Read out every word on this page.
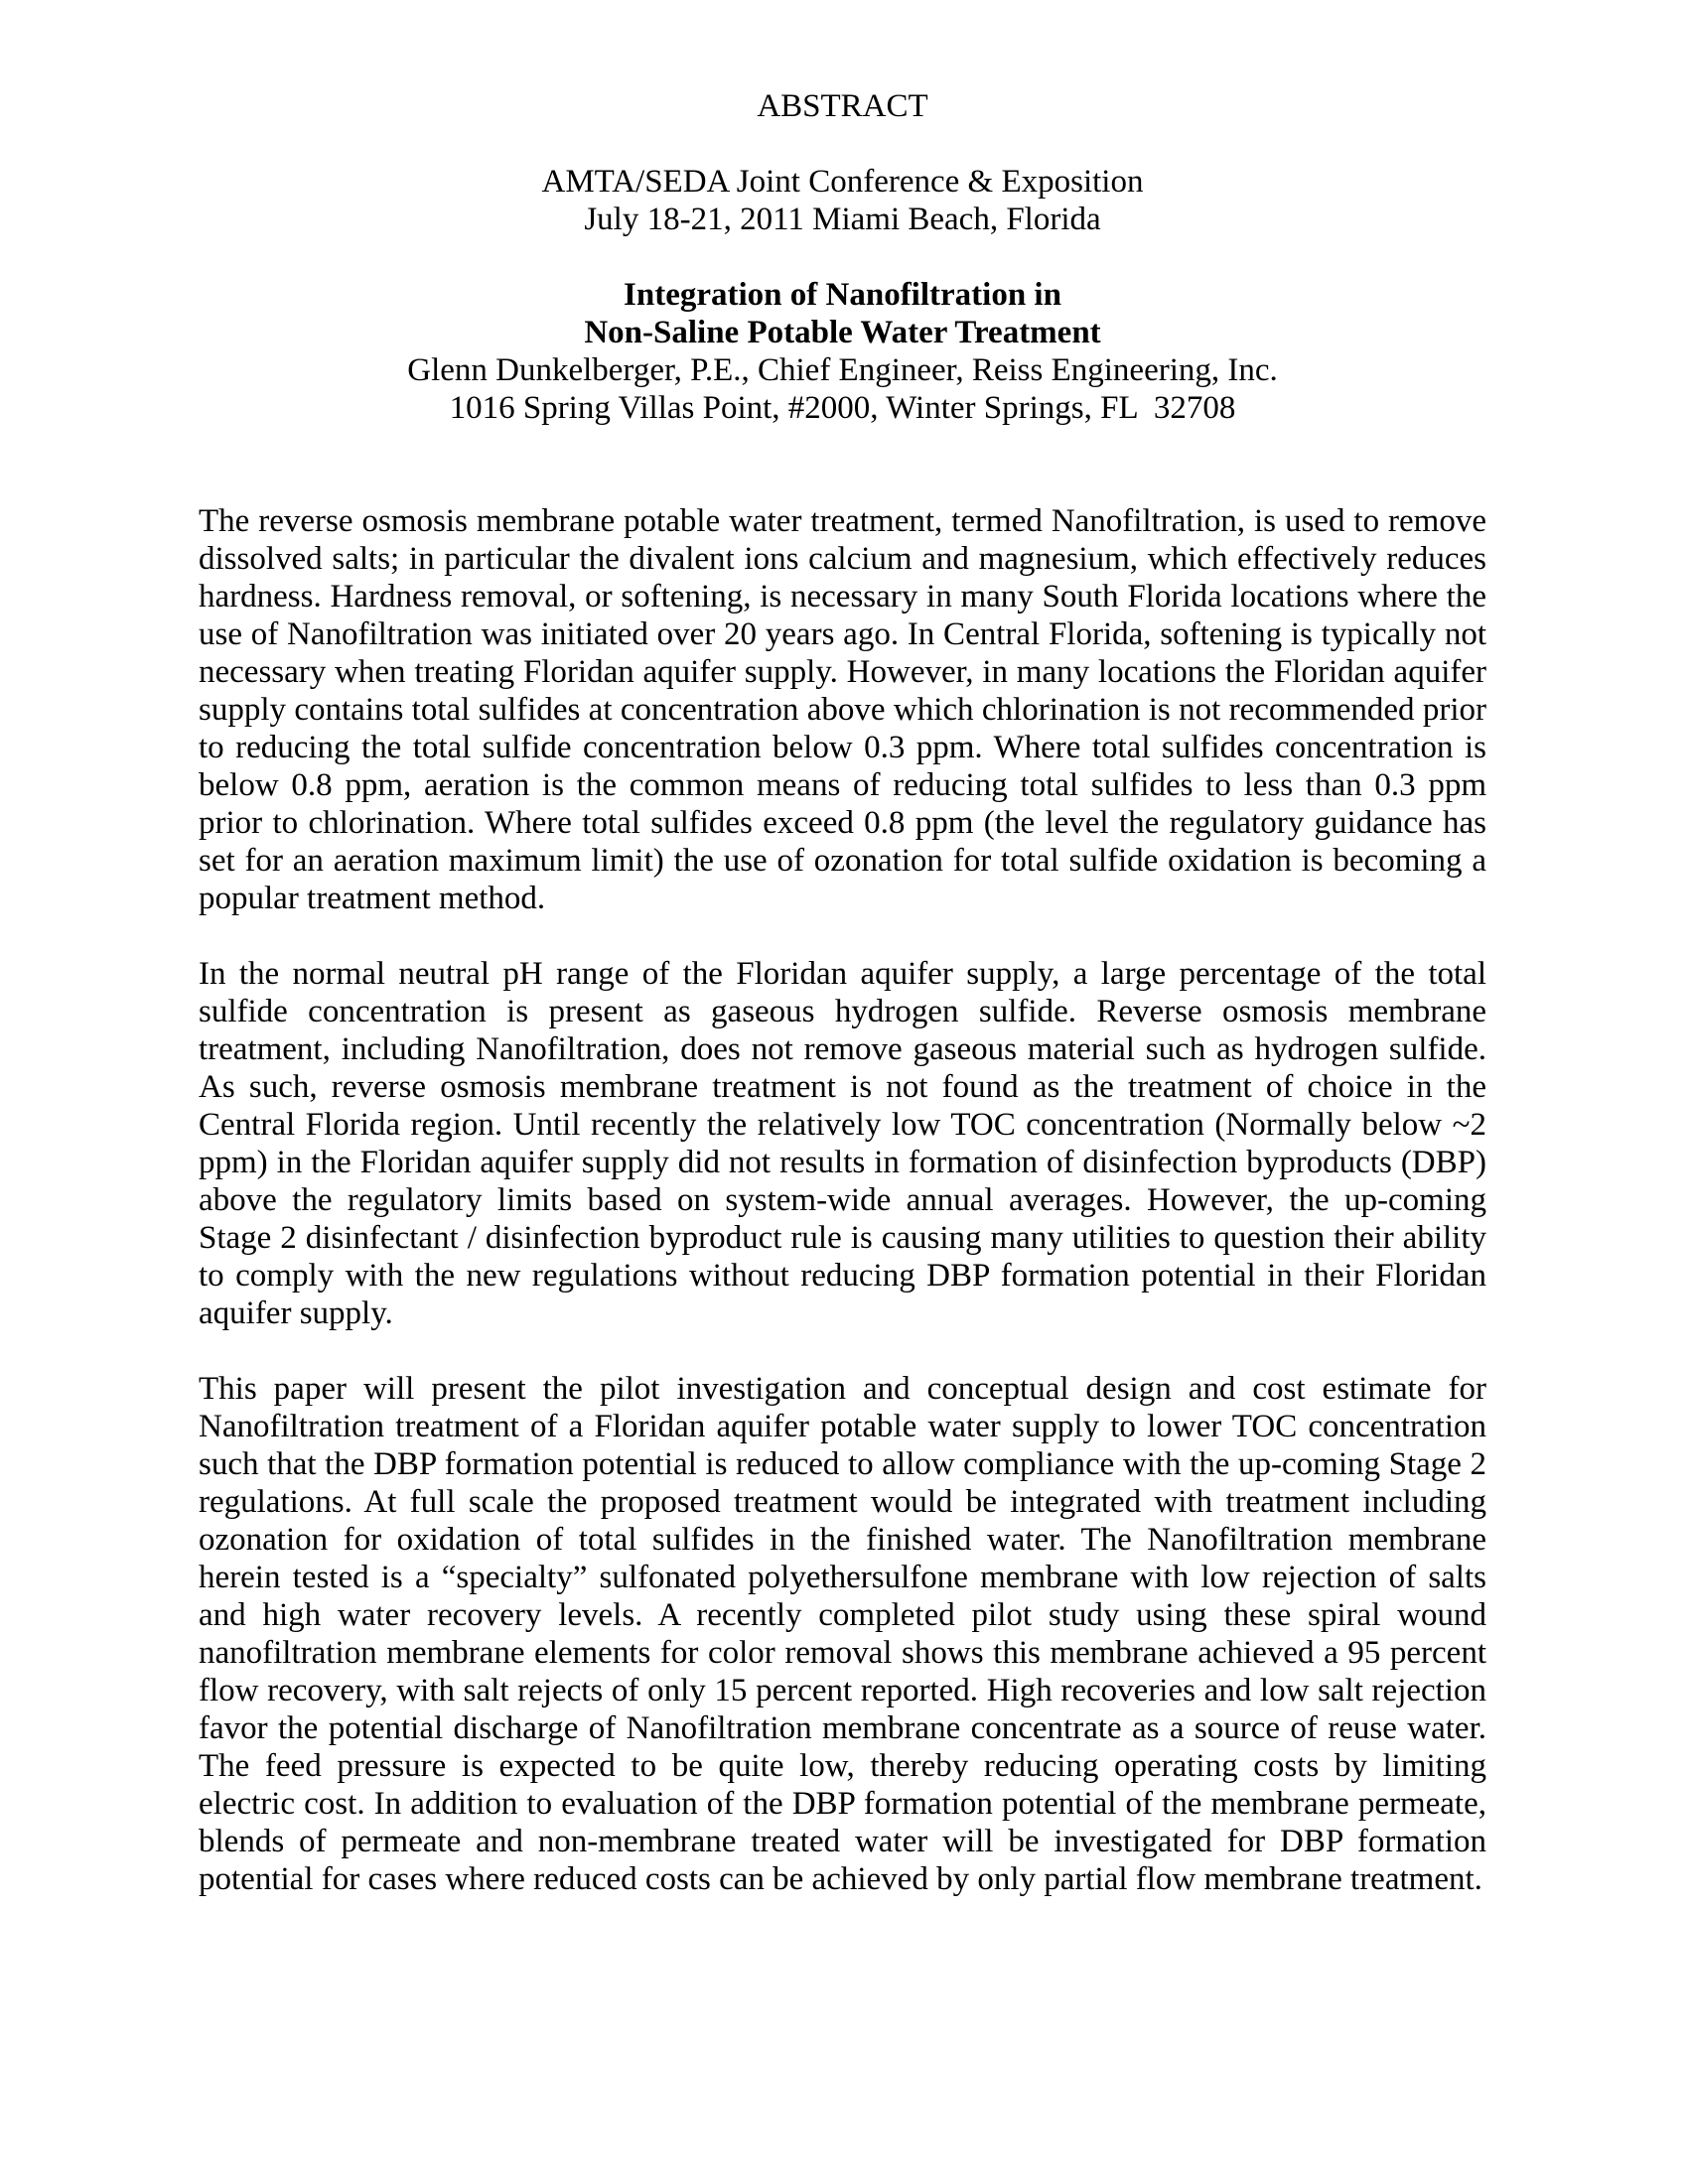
ABSTRACT
AMTA/SEDA Joint Conference & Exposition
July 18-21, 2011 Miami Beach, Florida
Integration of Nanofiltration in
Non-Saline Potable Water Treatment
Glenn Dunkelberger, P.E., Chief Engineer, Reiss Engineering, Inc.
1016 Spring Villas Point, #2000, Winter Springs, FL  32708

The reverse osmosis membrane potable water treatment, termed Nanofiltration, is used to remove dissolved salts; in particular the divalent ions calcium and magnesium, which effectively reduces hardness. Hardness removal, or softening, is necessary in many South Florida locations where the use of Nanofiltration was initiated over 20 years ago. In Central Florida, softening is typically not necessary when treating Floridan aquifer supply. However, in many locations the Floridan aquifer supply contains total sulfides at concentration above which chlorination is not recommended prior to reducing the total sulfide concentration below 0.3 ppm. Where total sulfides concentration is below 0.8 ppm, aeration is the common means of reducing total sulfides to less than 0.3 ppm prior to chlorination. Where total sulfides exceed 0.8 ppm (the level the regulatory guidance has set for an aeration maximum limit) the use of ozonation for total sulfide oxidation is becoming a popular treatment method.

In the normal neutral pH range of the Floridan aquifer supply, a large percentage of the total sulfide concentration is present as gaseous hydrogen sulfide. Reverse osmosis membrane treatment, including Nanofiltration, does not remove gaseous material such as hydrogen sulfide. As such, reverse osmosis membrane treatment is not found as the treatment of choice in the Central Florida region. Until recently the relatively low TOC concentration (Normally below ~2 ppm) in the Floridan aquifer supply did not results in formation of disinfection byproducts (DBP) above the regulatory limits based on system-wide annual averages. However, the up-coming Stage 2 disinfectant / disinfection byproduct rule is causing many utilities to question their ability to comply with the new regulations without reducing DBP formation potential in their Floridan aquifer supply.

This paper will present the pilot investigation and conceptual design and cost estimate for Nanofiltration treatment of a Floridan aquifer potable water supply to lower TOC concentration such that the DBP formation potential is reduced to allow compliance with the up-coming Stage 2 regulations. At full scale the proposed treatment would be integrated with treatment including ozonation for oxidation of total sulfides in the finished water. The Nanofiltration membrane herein tested is a “specialty” sulfonated polyethersulfone membrane with low rejection of salts and high water recovery levels. A recently completed pilot study using these spiral wound nanofiltration membrane elements for color removal shows this membrane achieved a 95 percent flow recovery, with salt rejects of only 15 percent reported. High recoveries and low salt rejection favor the potential discharge of Nanofiltration membrane concentrate as a source of reuse water. The feed pressure is expected to be quite low, thereby reducing operating costs by limiting electric cost. In addition to evaluation of the DBP formation potential of the membrane permeate, blends of permeate and non-membrane treated water will be investigated for DBP formation potential for cases where reduced costs can be achieved by only partial flow membrane treatment.
